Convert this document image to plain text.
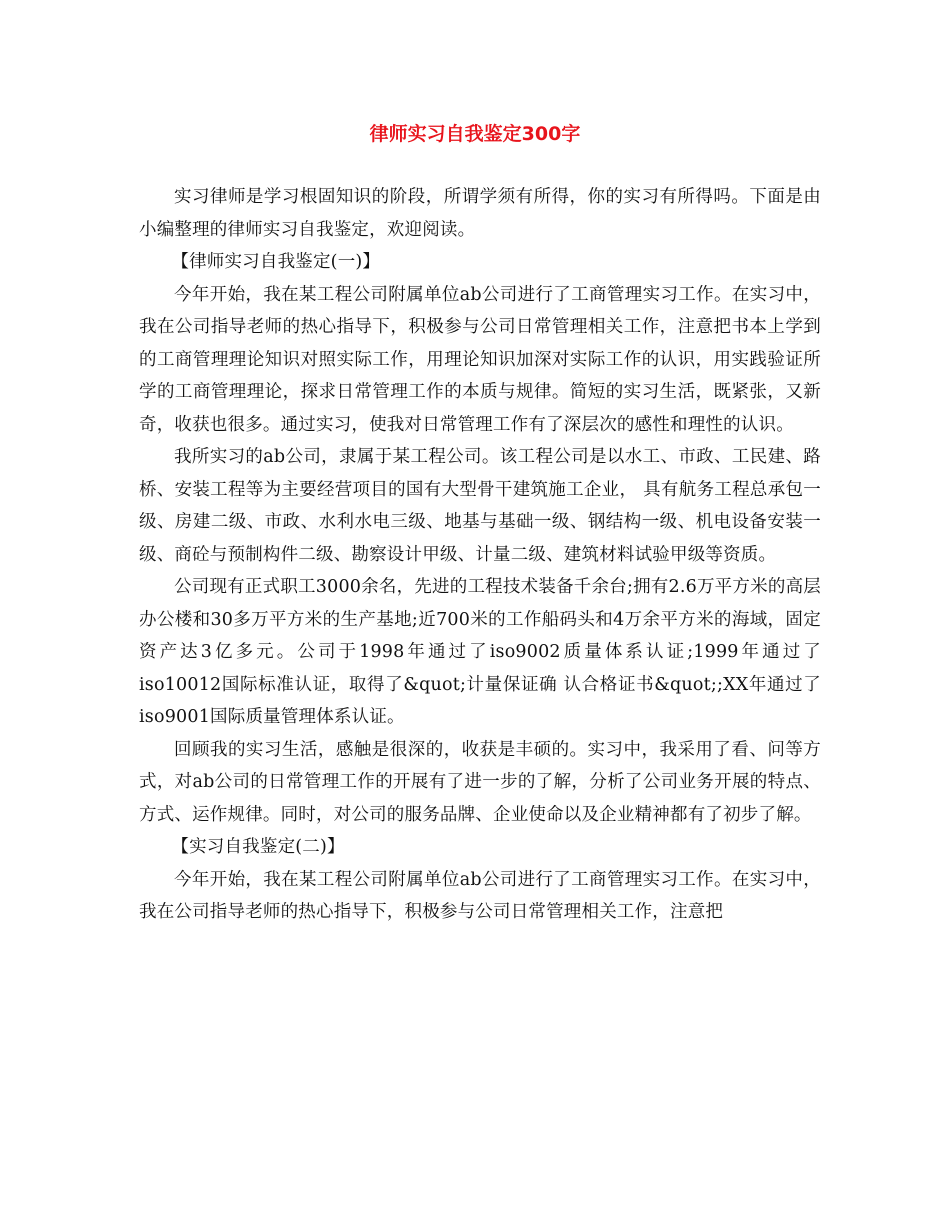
律师实习自我鉴定300字

实习律师是学习根固知识的阶段，所谓学须有所得，你的实习有所得吗。下面是由小编整理的律师实习自我鉴定，欢迎阅读。

【律师实习自我鉴定(一)】

今年开始，我在某工程公司附属单位ab公司进行了工商管理实习工作。在实习中，我在公司指导老师的热心指导下，积极参与公司日常管理相关工作，注意把书本上学到的工商管理理论知识对照实际工作，用理论知识加深对实际工作的认识，用实践验证所学的工商管理理论，探求日常管理工作的本质与规律。简短的实习生活，既紧张，又新奇，收获也很多。通过实习，使我对日常管理工作有了深层次的感性和理性的认识。

我所实习的ab公司，隶属于某工程公司。该工程公司是以水工、市政、工民建、路桥、安装工程等为主要经营项目的国有大型骨干建筑施工企业， 具有航务工程总承包一级、房建二级、市政、水利水电三级、地基与基础一级、钢结构一级、机电设备安装一级、商砼与预制构件二级、勘察设计甲级、计量二级、建筑材料试验甲级等资质。

公司现有正式职工3000余名，先进的工程技术装备千余台;拥有2.6万平方米的高层办公楼和30多万平方米的生产基地;近700米的工作船码头和4万余平方米的海域，固定资产达3亿多元。公司于1998年通过了iso9002质量体系认证;1999年通过了iso10012国际标准认证，取得了&quot;计量保证确 认合格证书&quot;;XX年通过了iso9001国际质量管理体系认证。

回顾我的实习生活，感触是很深的，收获是丰硕的。实习中，我采用了看、问等方式，对ab公司的日常管理工作的开展有了进一步的了解，分析了公司业务开展的特点、方式、运作规律。同时，对公司的服务品牌、企业使命以及企业精神都有了初步了解。

【实习自我鉴定(二)】

今年开始，我在某工程公司附属单位ab公司进行了工商管理实习工作。在实习中，我在公司指导老师的热心指导下，积极参与公司日常管理相关工作，注意把
